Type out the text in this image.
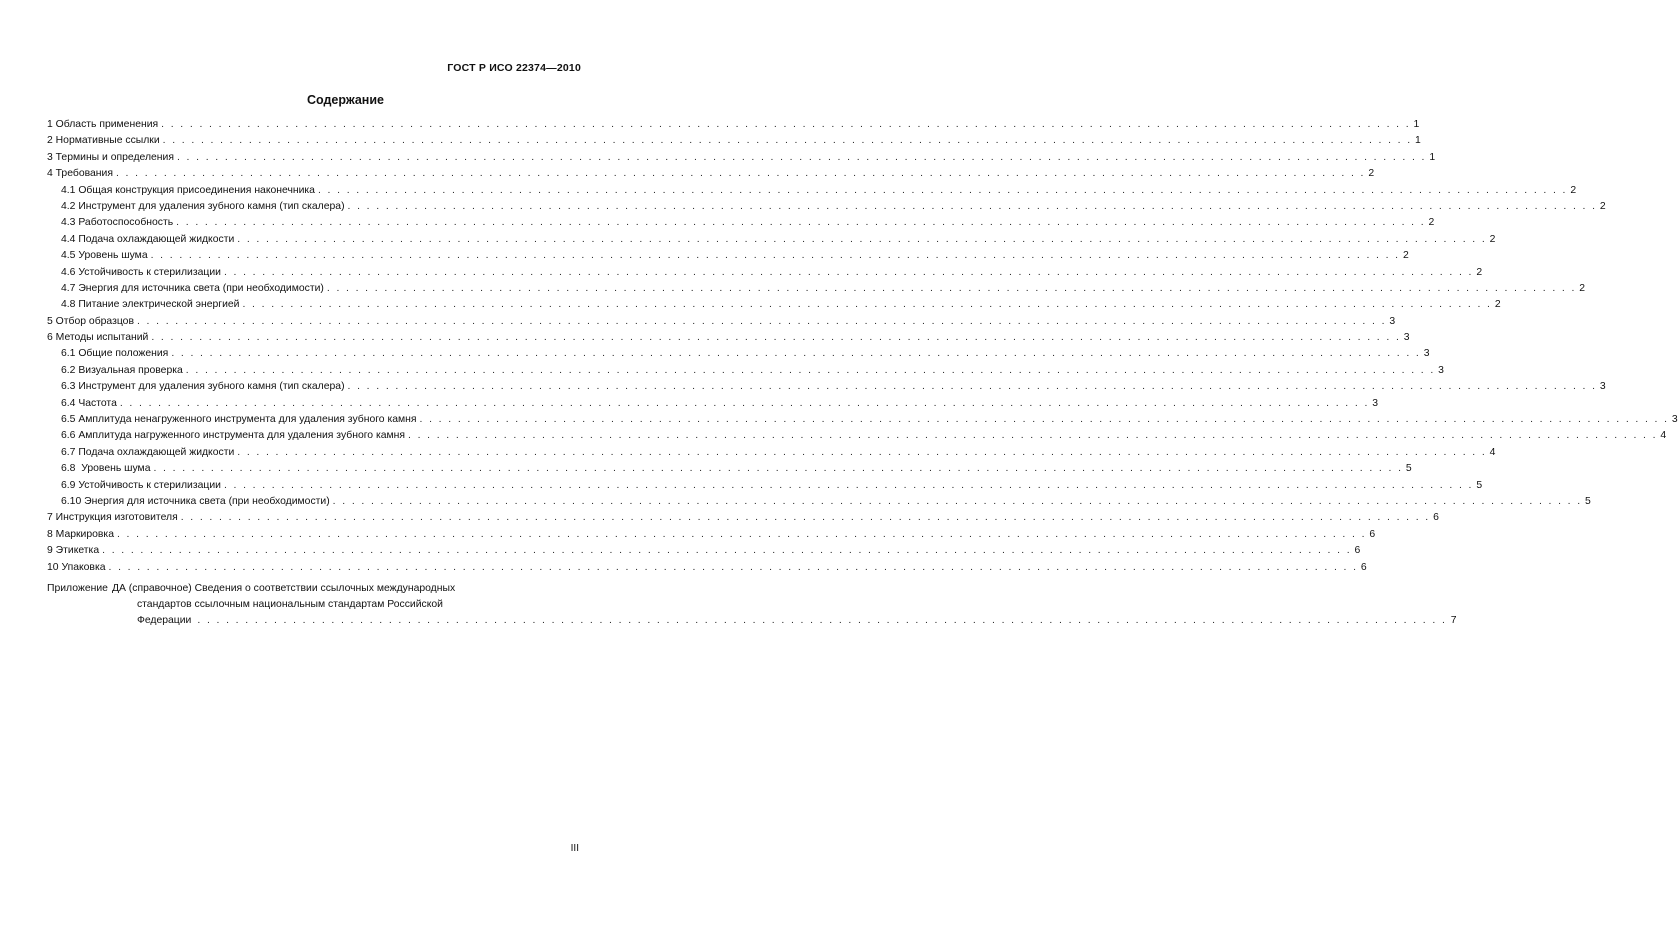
ГОСТ Р ИСО 22374—2010
Содержание
1
Область применения . . .	1
2
Нормативные ссылки . . .	1
3
Термины и определения . . .	1
4
Требования . . .	2
4.1
Общая конструкция присоединения наконечника . . .	2
4.2
Инструмент для удаления зубного камня (тип скалера) . . .	2
4.3
Работоспособность . . .	2
4.4
Подача охлаждающей жидкости . . .	2
4.5
Уровень шума . . .	2
4.6
Устойчивость к стерилизации . . .	2
4.7
Энергия для источника света (при необходимости) . . .	2
4.8
Питание электрической энергией . . .	2
5
Отбор образцов . . .	3
6
Методы испытаний . . .	3
6.1
Общие положения . . .	3
6.2
Визуальная проверка . . .	3
6.3
Инструмент для удаления зубного камня (тип скалера) . . .	3
6.4
Частота . . .	3
6.5
Амплитуда ненагруженного инструмента для удаления зубного камня . . .	3
6.6
Амплитуда нагруженного инструмента для удаления зубного камня . . .	4
6.7
Подача охлаждающей жидкости . . .	4
6.8
Уровень шума . . .	5
6.9
Устойчивость к стерилизации . . .	5
6.10
Энергия для источника света (при необходимости) . . .	5
7
Инструкция изготовителя . . .	6
8
Маркировка . . .	6
9
Этикетка . . .	6
10
Упаковка . . .	6
Приложение ДА (справочное) Сведения о соответствии ссылочных международных
стандартов ссылочным национальным стандартам Российской
Федерации . . .	7
III
